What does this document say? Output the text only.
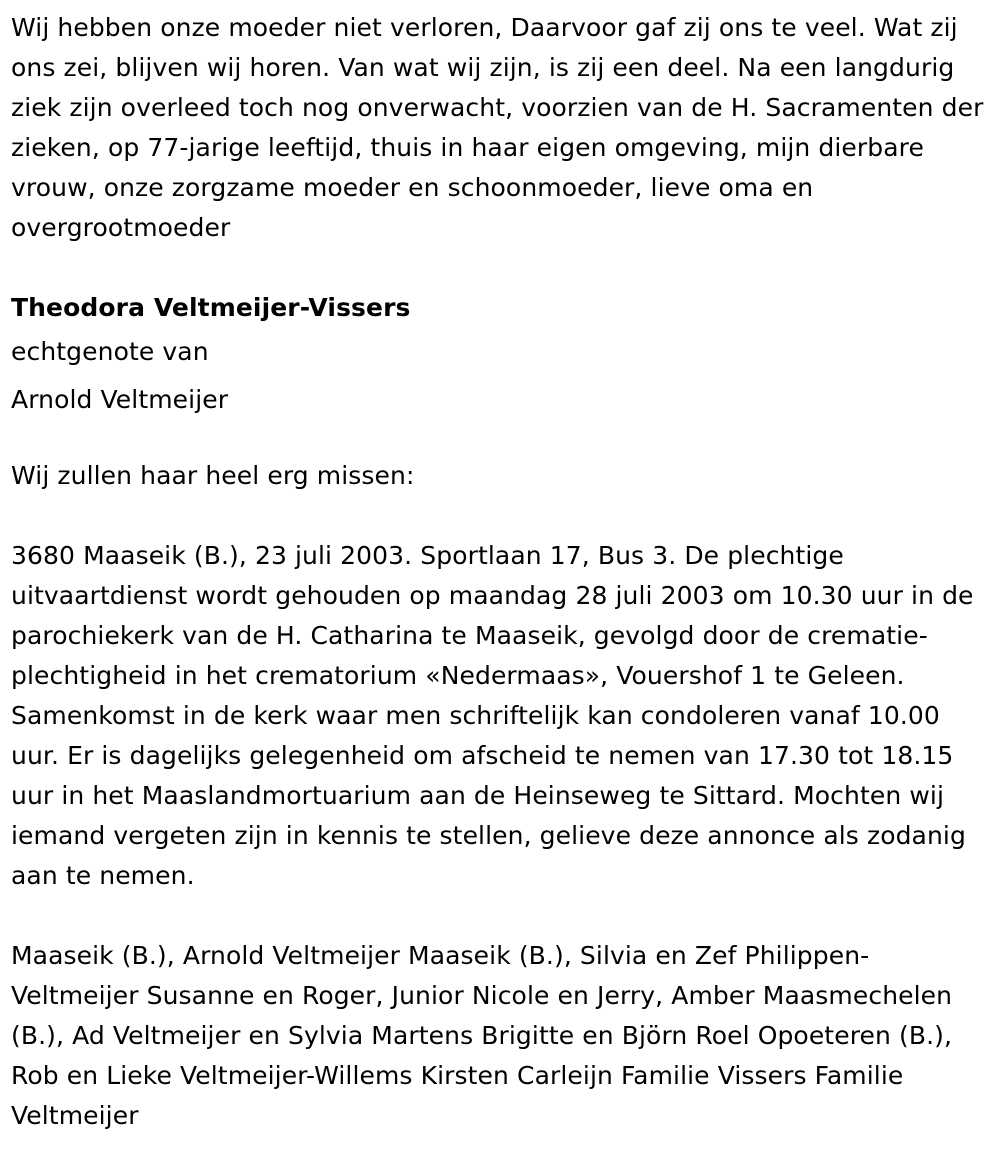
Wij hebben onze moeder niet verloren, Daarvoor gaf zij ons te veel. Wat zij ons zei, blijven wij horen. Van wat wij zijn, is zij een deel. Na een langdurig ziek zijn overleed toch nog onverwacht, voorzien van de H. Sacramenten der zieken, op 77-jarige leeftijd, thuis in haar eigen omgeving, mijn dierbare vrouw, onze zorgzame moeder en schoonmoeder, lieve oma en overgrootmoeder

Theodora Veltmeijer-Vissers

echtgenote van

Arnold Veltmeijer

Wij zullen haar heel erg missen:

3680 Maaseik (B.), 23 juli 2003. Sportlaan 17, Bus 3. De plechtige uitvaartdienst wordt gehouden op maandag 28 juli 2003 om 10.30 uur in de parochiekerk van de H. Catharina te Maaseik, gevolgd door de crematie-plechtigheid in het crematorium «Nedermaas», Vouershof 1 te Geleen. Samenkomst in de kerk waar men schriftelijk kan condoleren vanaf 10.00 uur. Er is dagelijks gelegenheid om afscheid te nemen van 17.30 tot 18.15 uur in het Maaslandmortuarium aan de Heinseweg te Sittard. Mochten wij iemand vergeten zijn in kennis te stellen, gelieve deze annonce als zodanig aan te nemen.

Maaseik (B.), Arnold Veltmeijer Maaseik (B.), Silvia en Zef Philippen-Veltmeijer Susanne en Roger, Junior Nicole en Jerry, Amber Maasmechelen (B.), Ad Veltmeijer en Sylvia Martens Brigitte en Björn Roel Opoeteren (B.), Rob en Lieke Veltmeijer-Willems Kirsten Carleijn Familie Vissers Familie Veltmeijer
